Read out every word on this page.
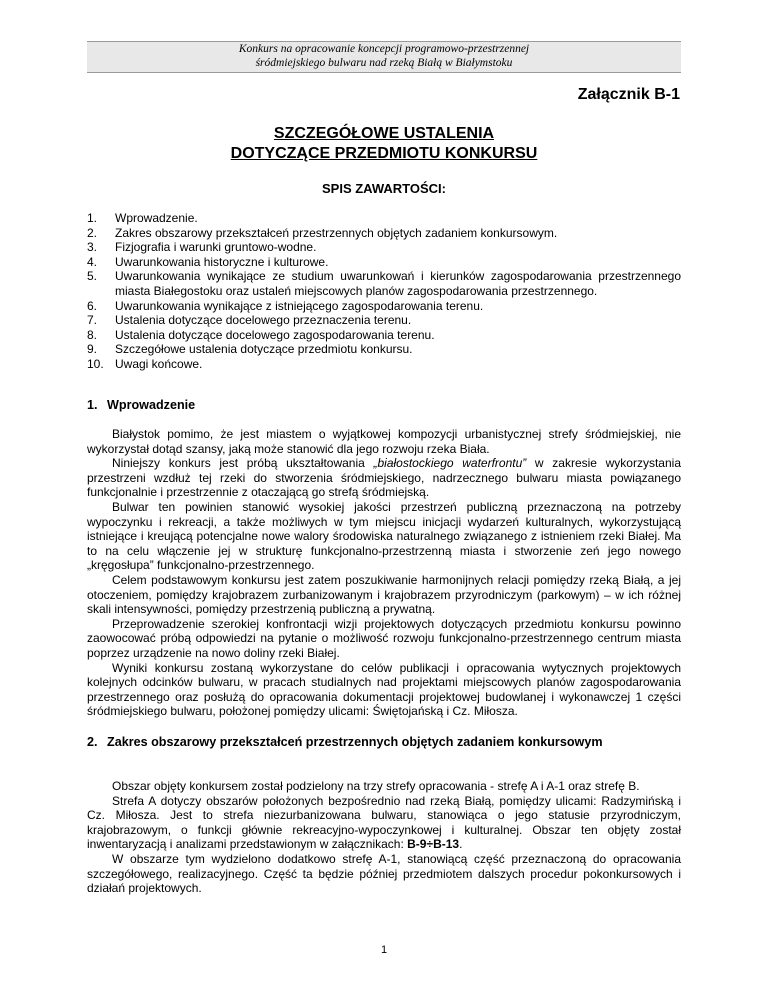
Konkurs na opracowanie koncepcji programowo-przestrzennej
śródmiejskiego bulwaru nad rzeką Białą w Białymstoku
Załącznik B-1
SZCZEGÓŁOWE USTALENIA
DOTYCZĄCE PRZEDMIOTU KONKURSU
SPIS ZAWARTOŚCI:
1. Wprowadzenie.
2. Zakres obszarowy przekształceń przestrzennych objętych zadaniem konkursowym.
3. Fizjografia i warunki gruntowo-wodne.
4. Uwarunkowania historyczne i kulturowe.
5. Uwarunkowania wynikające ze studium uwarunkowań i kierunków zagospodarowania przestrzennego miasta Białegostoku oraz ustaleń miejscowych planów zagospodarowania przestrzennego.
6. Uwarunkowania wynikające z istniejącego zagospodarowania terenu.
7. Ustalenia dotyczące docelowego przeznaczenia terenu.
8. Ustalenia dotyczące docelowego zagospodarowania terenu.
9. Szczegółowe ustalenia dotyczące przedmiotu konkursu.
10. Uwagi końcowe.
1. Wprowadzenie

Białystok pomimo, że jest miastem o wyjątkowej kompozycji urbanistycznej strefy śródmiejskiej, nie wykorzystał dotąd szansy, jaką może stanowić dla jego rozwoju rzeka Biała.

Niniejszy konkurs jest próbą ukształtowania „białostockiego waterfrontu” w zakresie wykorzystania przestrzeni wzdłuż tej rzeki do stworzenia śródmiejskiego, nadrzecznego bulwaru miasta powiązanego funkcjonalnie i przestrzennie z otaczającą go strefą śródmiejską.

Bulwar ten powinien stanowić wysokiej jakości przestrzeń publiczną przeznaczoną na potrzeby wypoczynku i rekreacji, a także możliwych w tym miejscu inicjacji wydarzeń kulturalnych, wykorzystującą istniejące i kreującą potencjalne nowe walory środowiska naturalnego związanego z istnieniem rzeki Białej. Ma to na celu włączenie jej w strukturę funkcjonalno-przestrzenną miasta i stworzenie zeń jego nowego „kręgosłupa” funkcjonalno-przestrzennego.

Celem podstawowym konkursu jest zatem poszukiwanie harmonijnych relacji pomiędzy rzeką Białą, a jej otoczeniem, pomiędzy krajobrazem zurbanizowanym i krajobrazem przyrodniczym (parkowym) – w ich różnej skali intensywności, pomiędzy przestrzenią publiczną a prywatną.

Przeprowadzenie szerokiej konfrontacji wizji projektowych dotyczących przedmiotu konkursu powinno zaowocować próbą odpowiedzi na pytanie o możliwość rozwoju funkcjonalno-przestrzennego centrum miasta poprzez urządzenie na nowo doliny rzeki Białej.

Wyniki konkursu zostaną wykorzystane do celów publikacji i opracowania wytycznych projektowych kolejnych odcinków bulwaru, w pracach studialnych nad projektami miejscowych planów zagospodarowania przestrzennego oraz posłużą do opracowania dokumentacji projektowej budowlanej i wykonawczej 1 części śródmiejskiego bulwaru, położonej pomiędzy ulicami: Świętojańską i Cz. Miłosza.

2. Zakres obszarowy przekształceń przestrzennych objętych zadaniem konkursowym

Obszar objęty konkursem został podzielony na trzy strefy opracowania - strefę A i A-1 oraz strefę B.

Strefa A dotyczy obszarów położonych bezpośrednio nad rzeką Białą, pomiędzy ulicami: Radzymińską i Cz. Miłosza. Jest to strefa niezurbanizowana bulwaru, stanowiąca o jego statusie przyrodniczym, krajobrazowym, o funkcji głównie rekreacyjno-wypoczynkowej i kulturalnej. Obszar ten objęty został inwentaryzacją i analizami przedstawionym w załącznikach: B-9÷B-13.

W obszarze tym wydzielono dodatkowo strefę A-1, stanowiącą część przeznaczoną do opracowania szczegółowego, realizacyjnego. Część ta będzie później przedmiotem dalszych procedur pokonkursowych i działań projektowych.

1
